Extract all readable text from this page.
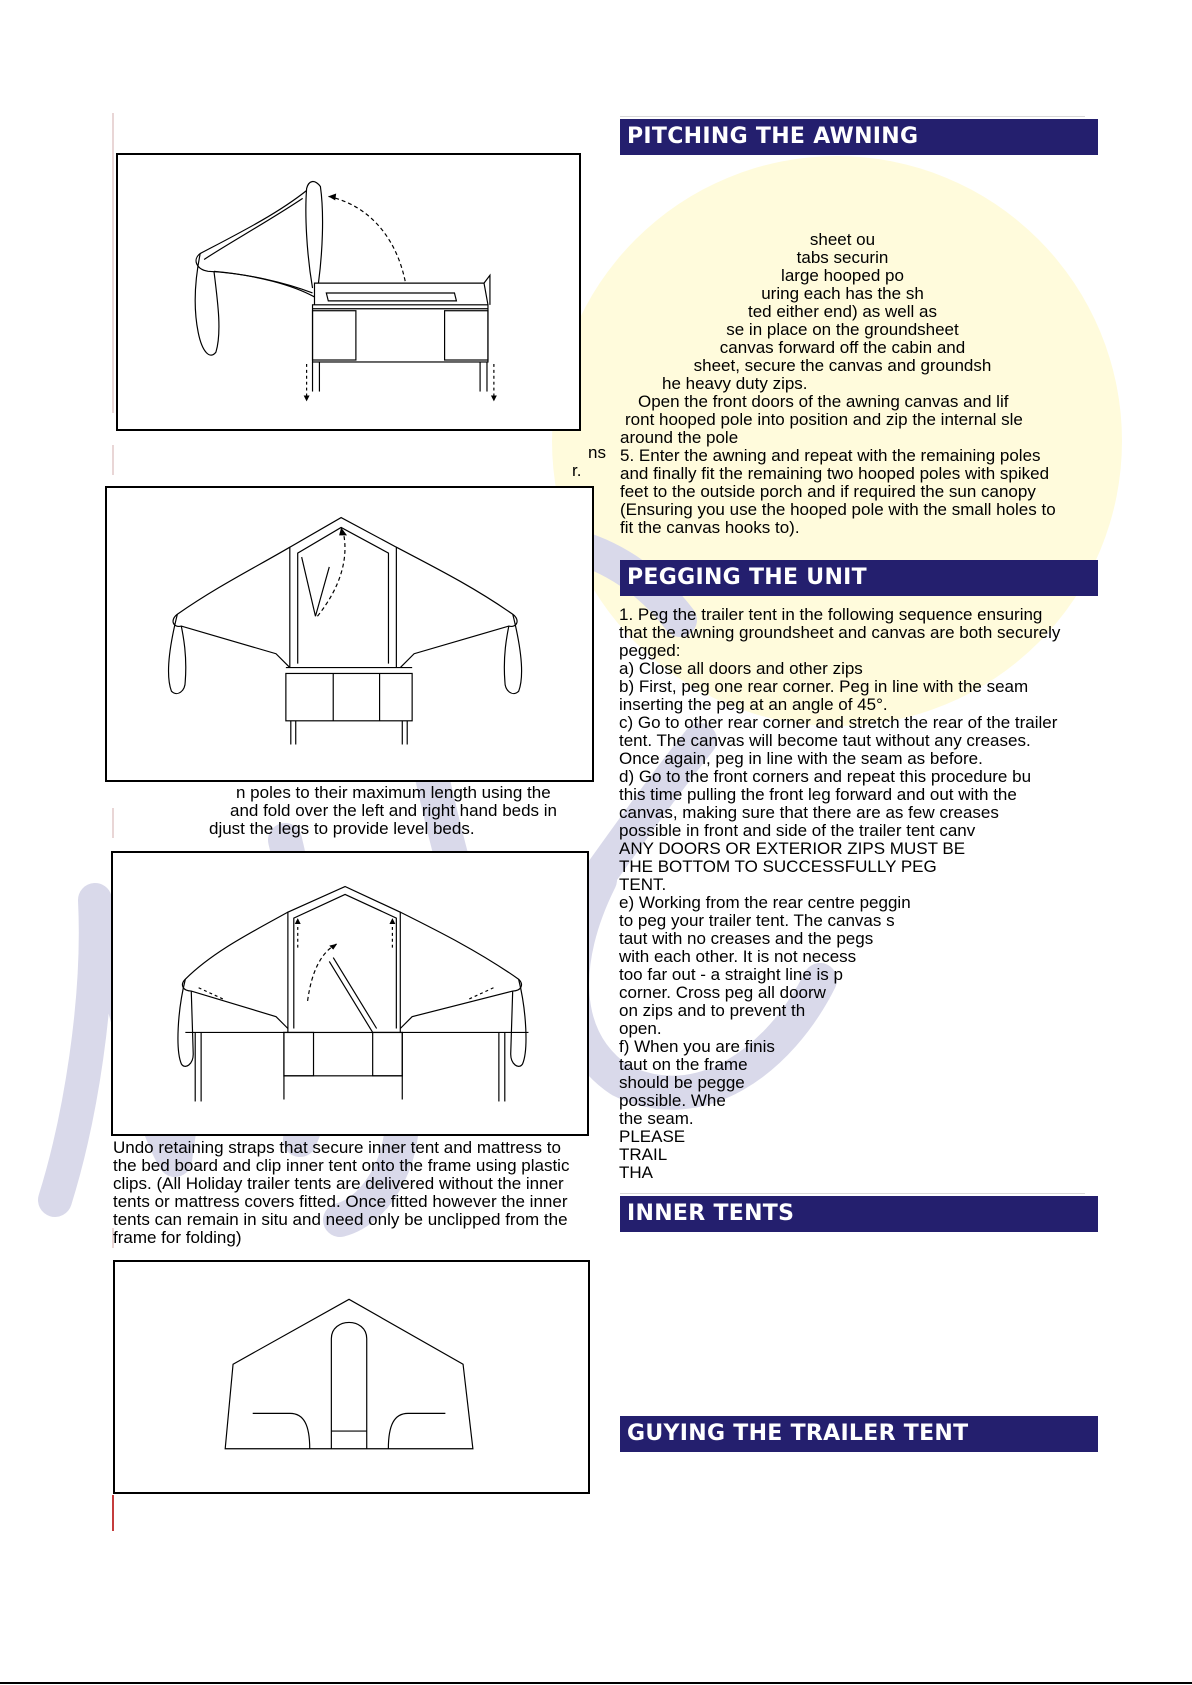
ns
r.
n poles to their maximum length using the
and fold over the left and right hand beds in
djust the legs to provide level beds.
Undo retaining straps that secure inner tent and mattress to
the bed board and clip inner tent onto the frame using plastic
clips. (All Holiday trailer tents are delivered without the inner
tents or mattress covers fitted. Once fitted however the inner
tents can remain in situ and need only be unclipped from the
frame for folding)
PITCHING THE AWNING
sheet ou
tabs securin
large hooped po
uring each has the sh
ted either end) as well as
se in place on the groundsheet
canvas forward off the cabin and
sheet, secure the canvas and groundsh
he heavy duty zips.
Open the front doors of the awning canvas and lif
ront hooped pole into position and zip the internal sle
around the pole
5. Enter the awning and repeat with the remaining poles
and finally fit the remaining two hooped poles with spiked
feet to the outside porch and if required the sun canopy
(Ensuring you use the hooped pole with the small holes to
fit the canvas hooks to).
PEGGING THE UNIT
1. Peg the trailer tent in the following sequence ensuring
that the awning groundsheet and canvas are both securely
pegged:
a) Close all doors and other zips
b) First, peg one rear corner. Peg in line with the seam
inserting the peg at an angle of 45°.
c) Go to other rear corner and stretch the rear of the trailer
tent. The canvas will become taut without any creases.
Once again, peg in line with the seam as before.
d) Go to the front corners and repeat this procedure bu
this time pulling the front leg forward and out with the
canvas, making sure that there are as few creases
possible in front and side of the trailer tent canv
ANY DOORS OR EXTERIOR ZIPS MUST BE
THE BOTTOM TO SUCCESSFULLY PEG
TENT.
e) Working from the rear centre peggin
to peg your trailer tent. The canvas s
taut with no creases and the pegs
with each other. It is not necess
too far out - a straight line is p
corner. Cross peg all doorw
on zips and to prevent th
open.
f) When you are finis
taut on the frame
should be pegge
possible. Whe
the seam.
PLEASE
TRAIL
THA
INNER TENTS
GUYING THE TRAILER TENT
